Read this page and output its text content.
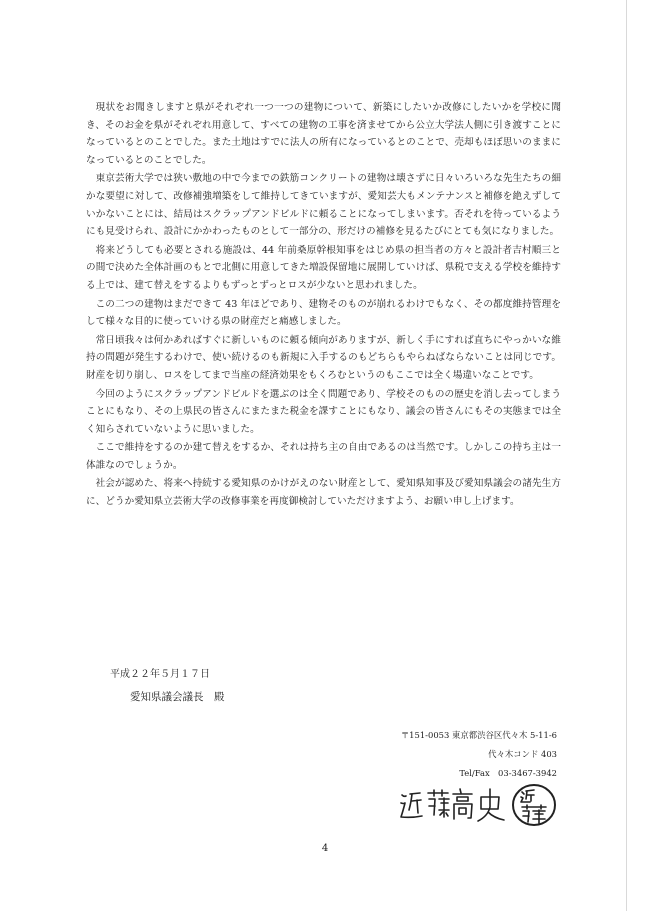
現状をお聞きしますと県がそれぞれ一つ一つの建物について、新築にしたいか改修にしたいかを学校に聞き、そのお金を県がそれぞれ用意して、すべての建物の工事を済ませてから公立大学法人側に引き渡すことになっているとのことでした。また土地はすでに法人の所有になっているとのことで、売却もほぼ思いのままになっているとのことでした。

東京芸術大学では狭い敷地の中で今までの鉄筋コンクリートの建物は壊さずに日々いろいろな先生たちの細かな要望に対して、改修補強増築をして維持してきていますが、愛知芸大もメンテナンスと補修を絶えずしていかないことには、結局はスクラップアンドビルドに頼ることになってしまいます。否それを待っているようにも見受けられ、設計にかかわったものとして一部分の、形だけの補修を見るたびにとても気になりました。

将来どうしても必要とされる施設は、44 年前桑原幹根知事をはじめ県の担当者の方々と設計者吉村順三との間で決めた全体計画のもとで北側に用意してきた増設保留地に展開していけば、県税で支える学校を維持する上では、建て替えをするよりもずっとずっとロスが少ないと思われました。

この二つの建物はまだできて 43 年ほどであり、建物そのものが崩れるわけでもなく、その都度維持管理をして様々な目的に使っていける県の財産だと痛感しました。

常日頃我々は何かあればすぐに新しいものに頼る傾向がありますが、新しく手にすれば直ちにやっかいな維持の問題が発生するわけで、使い続けるのも新規に入手するのもどちらもやらねばならないことは同じです。財産を切り崩し、ロスをしてまで当座の経済効果をもくろむというのもここでは全く場違いなことです。

今回のようにスクラップアンドビルドを選ぶのは全く問題であり、学校そのものの歴史を消し去ってしまうことにもなり、その上県民の皆さんにまたまた税金を課すことにもなり、議会の皆さんにもその実態までは全く知らされていないように思いました。

ここで維持をするのか建て替えをするか、それは持ち主の自由であるのは当然です。しかしこの持ち主は一体誰なのでしょうか。

社会が認めた、将来へ持続する愛知県のかけがえのない財産として、愛知県知事及び愛知県議会の諸先生方に、どうか愛知県立芸術大学の改修事業を再度御検討していただけますよう、お願い申し上げます。

平成２２年５月１７日
愛知県議会議長　殿
〒151-0053 東京都渋谷区代々木 5-11-6
代々木コンド 403
Tel/Fax　03-3467-3942
4
